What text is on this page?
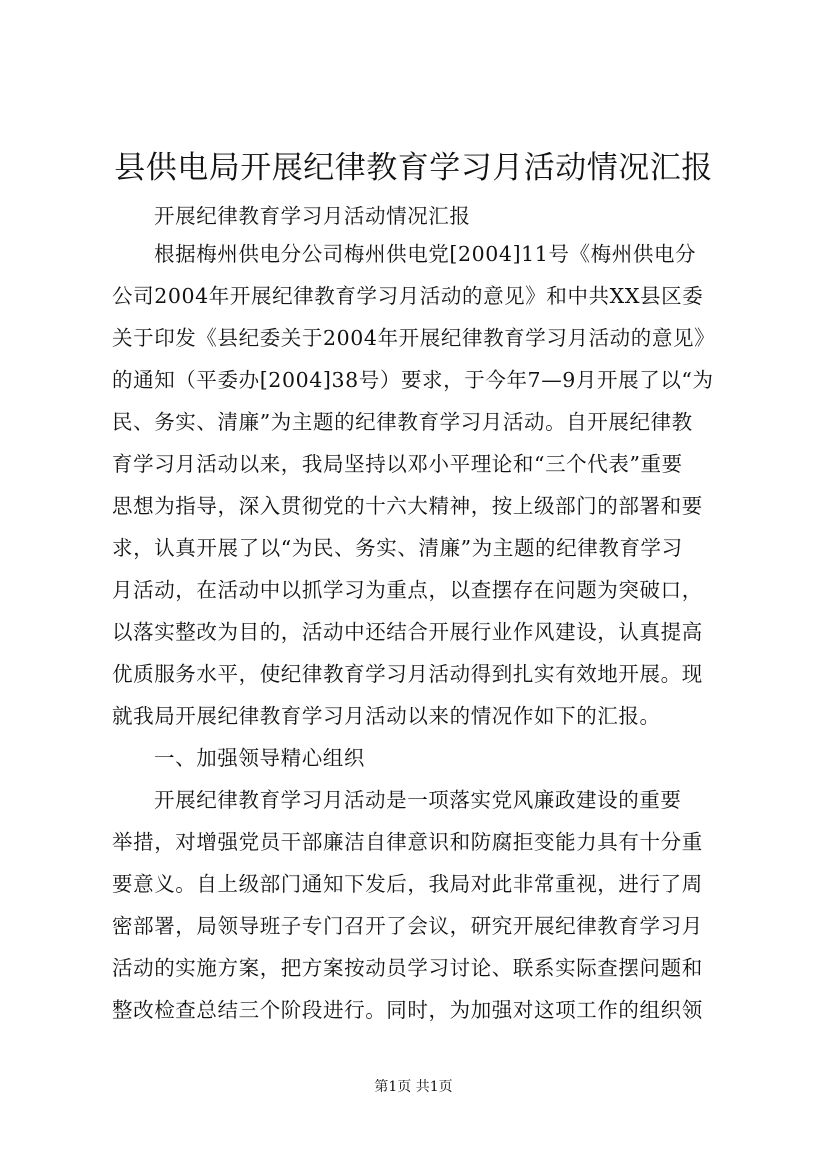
县供电局开展纪律教育学习月活动情况汇报
开展纪律教育学习月活动情况汇报
根据梅州供电分公司梅州供电党[2004]11号《梅州供电分
公司2004年开展纪律教育学习月活动的意见》和中共XX县区委
关于印发《县纪委关于2004年开展纪律教育学习月活动的意见》
的通知（平委办[2004]38号）要求，于今年7—9月开展了以“为
民、务实、清廉”为主题的纪律教育学习月活动。自开展纪律教
育学习月活动以来，我局坚持以邓小平理论和“三个代表”重要
思想为指导，深入贯彻党的十六大精神，按上级部门的部署和要
求，认真开展了以“为民、务实、清廉”为主题的纪律教育学习
月活动，在活动中以抓学习为重点，以查摆存在问题为突破口，
以落实整改为目的，活动中还结合开展行业作风建设，认真提高
优质服务水平，使纪律教育学习月活动得到扎实有效地开展。现
就我局开展纪律教育学习月活动以来的情况作如下的汇报。
一、加强领导精心组织
开展纪律教育学习月活动是一项落实党风廉政建设的重要
举措，对增强党员干部廉洁自律意识和防腐拒变能力具有十分重
要意义。自上级部门通知下发后，我局对此非常重视，进行了周
密部署，局领导班子专门召开了会议，研究开展纪律教育学习月
活动的实施方案，把方案按动员学习讨论、联系实际查摆问题和
整改检查总结三个阶段进行。同时，为加强对这项工作的组织领
第1页 共1页
